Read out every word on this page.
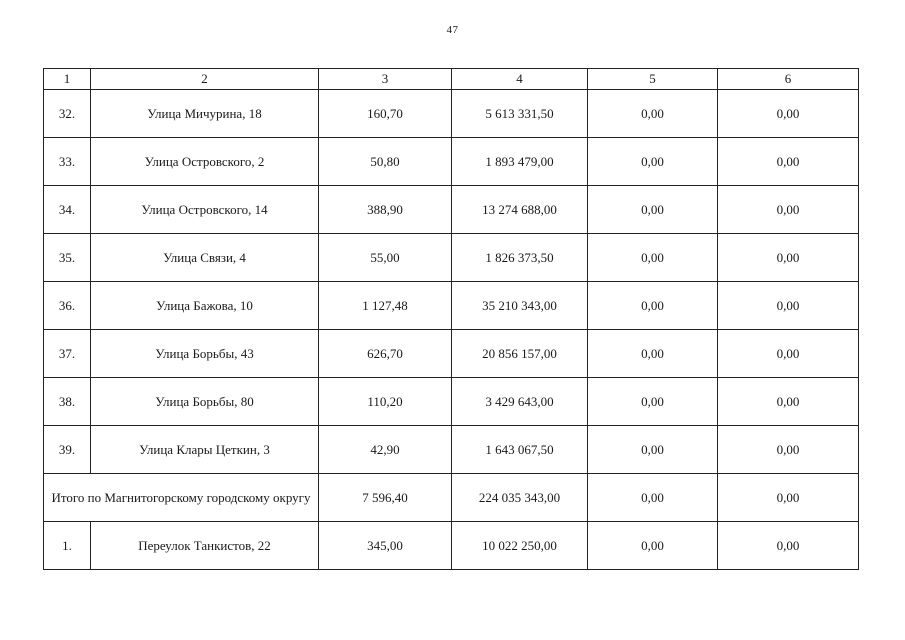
47
1	2	3	4	5	6
32.	Улица Мичурина, 18	160,70	5 613 331,50	0,00	0,00
33.	Улица Островского, 2	50,80	1 893 479,00	0,00	0,00
34.	Улица Островского, 14	388,90	13 274 688,00	0,00	0,00
35.	Улица Связи, 4	55,00	1 826 373,50	0,00	0,00
36.	Улица Бажова, 10	1 127,48	35 210 343,00	0,00	0,00
37.	Улица Борьбы, 43	626,70	20 856 157,00	0,00	0,00
38.	Улица Борьбы, 80	110,20	3 429 643,00	0,00	0,00
39.	Улица Клары Цеткин, 3	42,90	1 643 067,50	0,00	0,00
Итого по Магнитогорскому городскому округу		7 596,40	224 035 343,00	0,00	0,00
1.	Переулок Танкистов, 22	345,00	10 022 250,00	0,00	0,00
